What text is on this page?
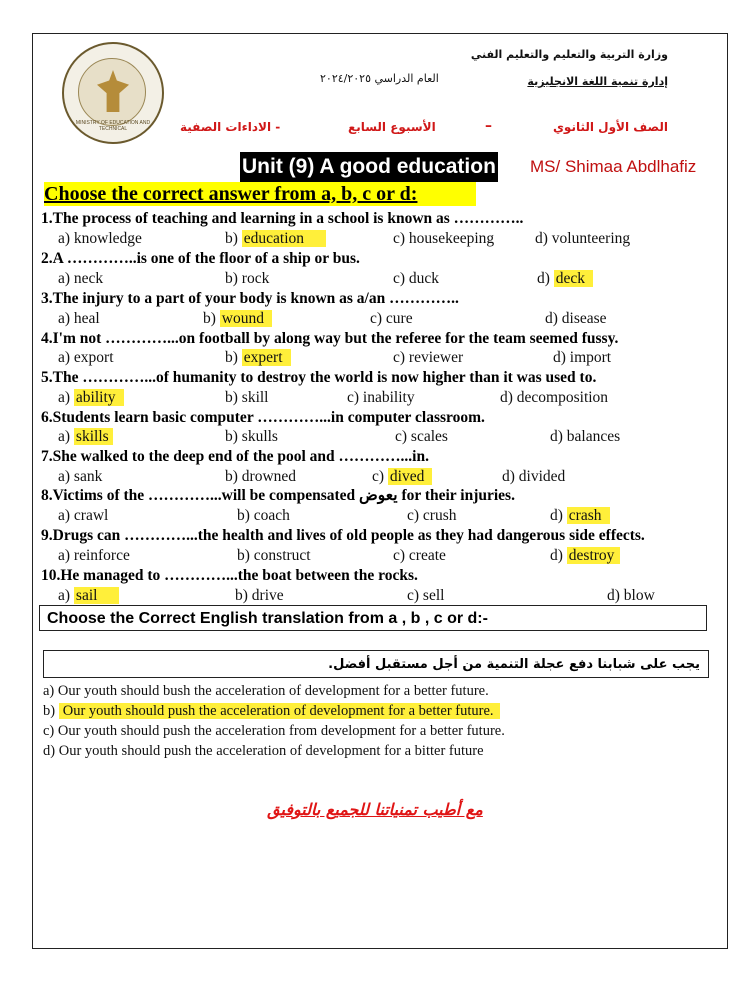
MINISTRY OF EDUCATION AND TECHNICAL
وزارة التربية والتعليم والتعليم الفني
إدارة تنمية اللغة الانجليزية
العام الدراسي ٢٠٢٤/٢٠٢٥
الصف الأول الثانوي
–
الأسبوع السابع
- الاداءات الصفية
Unit (9) A good education MS/ Shimaa Abdlhafiz
Choose the correct answer from a, b, c or d:
1.The process of teaching and learning in a school is known as …………..
a) knowledge	b) education	c) housekeeping	d) volunteering
2.A …………..is one of the floor of a ship or bus.
a) neck	b) rock	c) duck	d) deck
3.The injury to a part of your body is known as a/an …………..
a) heal	b) wound	c) cure	d) disease
4.I'm not …………...on football by along way but the referee for the team seemed fussy.
a) export	b) expert	c) reviewer	d) import
5.The …………...of humanity to destroy the world is now higher than it was used to.
a) ability	b) skill	c) inability	d) decomposition
6.Students learn basic computer …………...in computer classroom.
a) skills	b) skulls	c) scales	d) balances
7.She walked to the deep end of the pool and …………...in.
a) sank	b) drowned	c) dived	d) divided
8.Victims of the …………...will be compensated يعوض for their injuries.
a) crawl	b) coach	c) crush	d) crash
9.Drugs can …………...the health and lives of old people as they had dangerous side effects.
a) reinforce	b) construct	c) create	d) destroy
10.He managed to …………...the boat between the rocks.
a) sail	b) drive	c) sell	d) blow
Choose the Correct English translation from a , b , c or d:-
يجب على شبابنا دفع عجلة التنمية من أجل مستقبل أفضل.
a) Our youth should bush the acceleration of development for a better future.
b) Our youth should push the acceleration of development for a better future.
c) Our youth should push the acceleration from development for a better future.
d) Our youth should push the acceleration of development for a bitter future
مع أطيب تمنياتنا للجميع بالتوفيق
